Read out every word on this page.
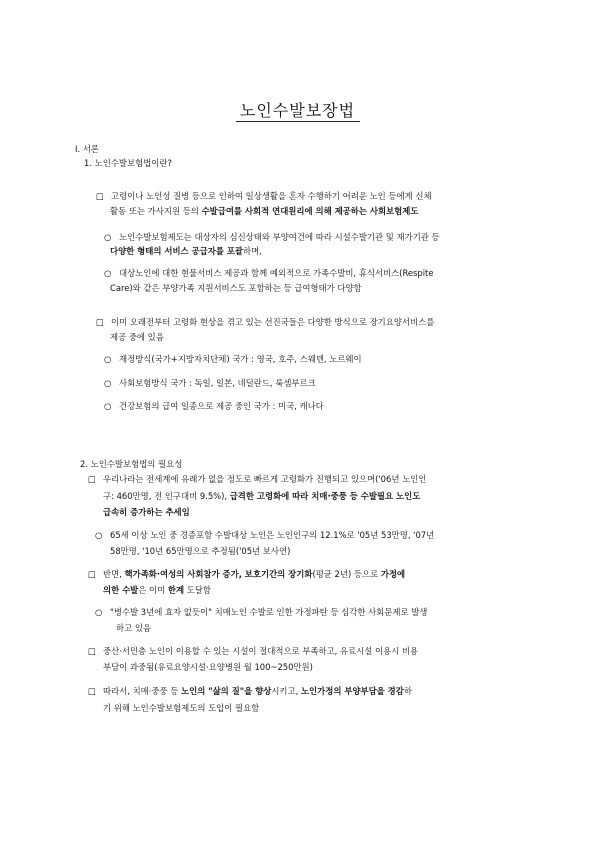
노인수발보장법
Ⅰ. 서론
1. 노인수발보험법이란?
□ 고령이나 노인성 질병 등으로 인하여 일상생활을 혼자 수행하기 어려운 노인 등에게 신체
활동 또는 가사지원 등의 수발급여를 사회적 연대원리에 의해 제공하는 사회보험제도
○ 노인수발보험제도는 대상자의 심신상태와 부양여건에 따라 시설수발기관 및 재가기관 등
다양한 형태의 서비스 공급자를 포괄하며,
○ 대상노인에 대한 현물서비스 제공과 함께 예외적으로 가족수발비, 휴식서비스(Respite
Care)와 같은 부양가족 지원서비스도 포함하는 등 급여형태가 다양함
□ 이미 오래전부터 고령화 현상을 겪고 있는 선진국들은 다양한 방식으로 장기요양서비스를
제공 중에 있음
○ 재정방식(국가+지방자치단체) 국가 : 영국, 호주, 스웨덴, 노르웨이
○ 사회보험방식 국가 : 독일, 일본, 네덜란드, 룩셈부르크
○ 건강보험의 급여 일종으로 제공 중인 국가 : 미국, 캐나다
2. 노인수발보험법의 필요성
□ 우리나라는 전세계에 유례가 없을 정도로 빠르게 고령화가 진행되고 있으며('06년 노인인
구: 460만명, 전 인구대비 9.5%), 급격한 고령화에 따라 치매·중풍 등 수발필요 노인도
급속히 증가하는 추세임
○ 65세 이상 노인 중 경증포함 수발대상 노인은 노인인구의 12.1%로 '05년 53만명, '07년
58만명, '10년 65만명으로 추정됨('05년 보사연)
□ 반면, 핵가족화·여성의 사회참가 증가, 보호기간의 장기화(평균 2년) 등으로 가정에
의한 수발은 이미 한계 도달함
○ "병수발 3년에 효자 없듯이" 치매노인 수발로 인한 가정파탄 등 심각한 사회문제로 발생
하고 있음
□ 중산·서민층 노인이 이용할 수 있는 시설이 절대적으로 부족하고, 유료시설 이용시 비용
부담이 과중됨(유료요양시설·요양병원 월 100~250만원)
□ 따라서, 치매·중풍 등 노인의 "삶의 질"을 향상시키고, 노인가정의 부양부담을 경감하
기 위해 노인수발보험제도의 도입이 필요함
